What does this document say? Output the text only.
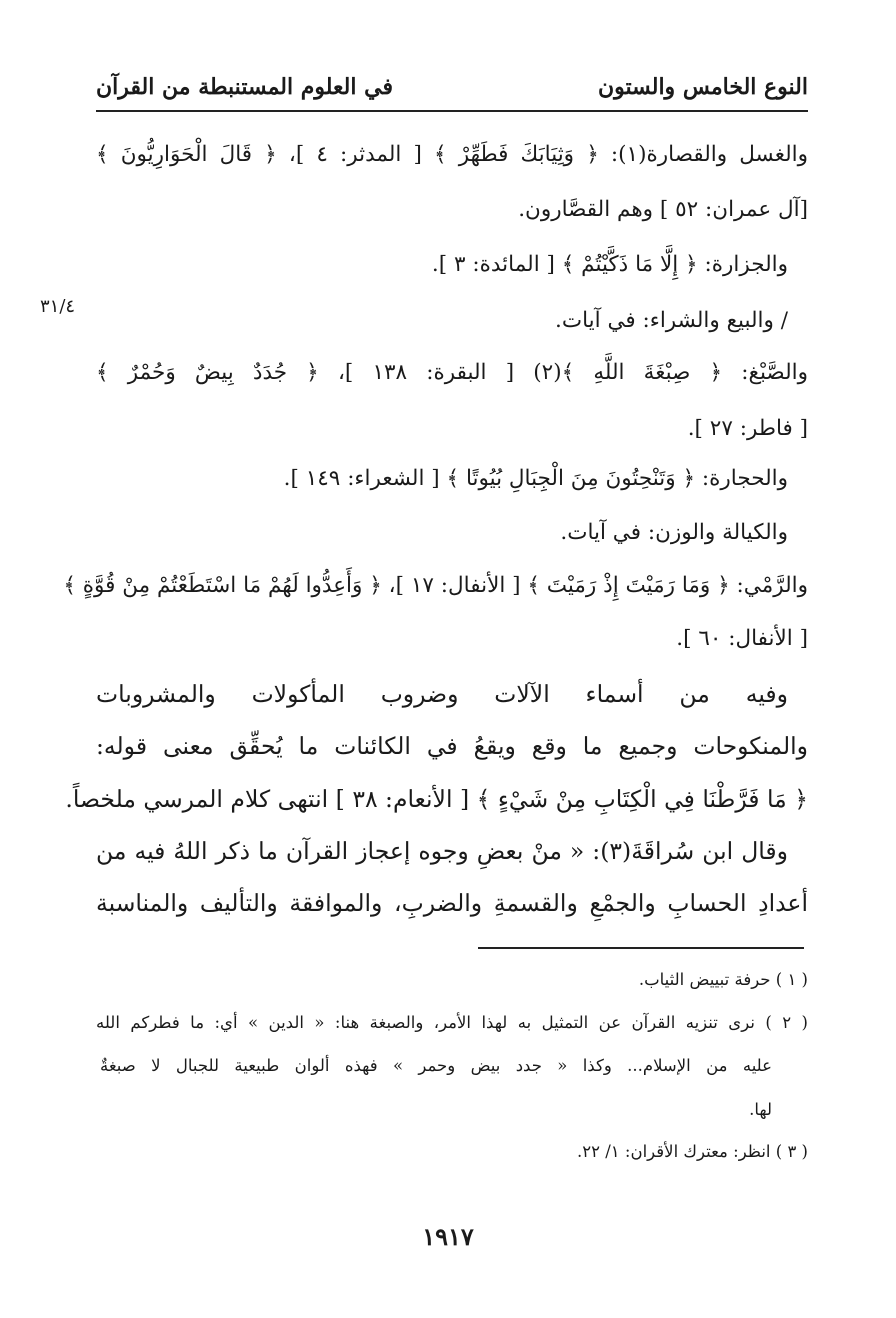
النوع الخامس والستون
في العلوم المستنبطة من القرآن
٣١/٤
والغسل والقصارة(١): ﴿ وَثِيَابَكَ فَطَهِّرْ ﴾ [ المدثر: ٤ ]، ﴿ قَالَ الْحَوَارِيُّونَ ﴾
[آل عمران: ٥٢ ] وهم القصَّارون.
والجزارة: ﴿ إِلَّا مَا ذَكَّيْتُمْ ﴾ [ المائدة: ٣ ].
/ والبيع والشراء: في آيات.
والصَّبْغ: ﴿ صِبْغَةَ اللَّهِ ﴾(٢) [ البقرة: ١٣٨ ]، ﴿ جُدَدٌ بِيضٌ وَحُمْرٌ ﴾
[ فاطر: ٢٧ ].
والحجارة: ﴿ وَتَنْحِتُونَ مِنَ الْجِبَالِ بُيُوتًا ﴾ [ الشعراء: ١٤٩ ].
والكيالة والوزن: في آيات.
والرَّمْي: ﴿ وَمَا رَمَيْتَ إِذْ رَمَيْتَ ﴾ [ الأنفال: ١٧ ]، ﴿ وَأَعِدُّوا لَهُمْ مَا اسْتَطَعْتُمْ مِنْ قُوَّةٍ ﴾
[ الأنفال: ٦٠ ].
وفيه من أسماء الآلات وضروب المأكولات والمشروبات
والمنكوحات وجميع ما وقع ويقعُ في الكائنات ما يُحقِّق معنى قوله:
﴿ مَا فَرَّطْنَا فِي الْكِتَابِ مِنْ شَيْءٍ ﴾ [ الأنعام: ٣٨ ] انتهى كلام المرسي ملخصاً.
وقال ابن سُراقَةَ(٣): « منْ بعضِ وجوه إعجاز القرآن ما ذكر اللهُ فيه من
أعدادِ الحسابِ والجمْعِ والقسمةِ والضربِ، والموافقة والتأليف والمناسبة
( ١ ) حرفة تبييض الثياب.
( ٢ ) نرى تنزيه القرآن عن التمثيل به لهذا الأمر، والصبغة هنا: « الدين » أي: ما فطركم الله
عليه من الإسلام... وكذا « جدد بيض وحمر » فهذه ألوان طبيعية للجبال لا صبغةٌ
لها.
( ٣ ) انظر: معترك الأقران: ١/ ٢٢.
١٩١٧
